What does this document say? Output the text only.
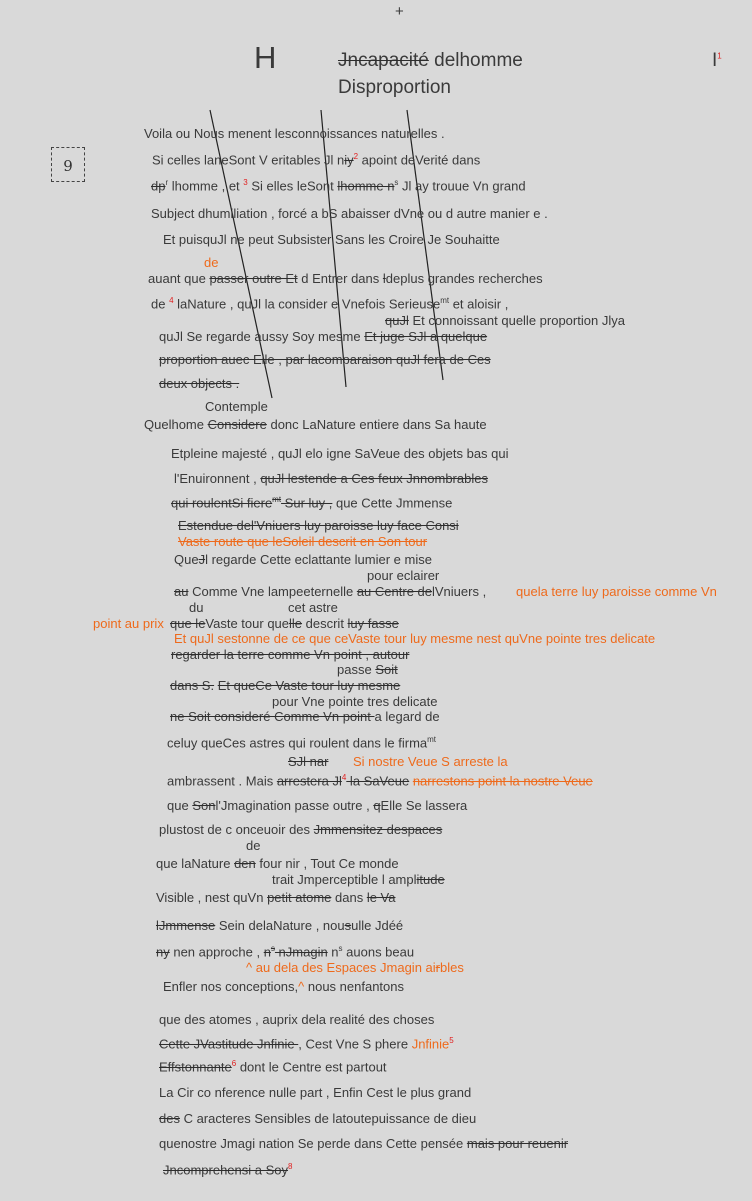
+
H	Jncapacité delhomme
Disproportion
$I^1$
9
Voila ou Nous menent lesconnoissances naturelles .
Si celles laneSont V eritables Jl niy$^2$ apoint deVerité dans
$dp^r$ lhomme , et $^3$ Si elles leSont lhomme $n^s$ Jl ay trouue Vn grand
Subject dhumiliation , forcé a bS abaisser dVne ou d autre manier e .
Et puisquJl ne peut Subsister Sans les Croire Je Souhaitte
de
auant que passer outre Et d Entrer dans ldeplus grandes recherches
de $^4$ laNature , quJl la consider e Vnefois Serieuse$^{mt}$ et aloisir ,
quJl Et connoissant quelle proportion Jlya
quJl Se regarde aussy Soy mesme Et juge SJl a quelque
proportion auec Elle , par lacomparaison quJl fera de Ces
deux objects .
Contemple
Quelhome Considere donc LaNature entiere dans Sa haute
Etpleine majesté , quJl elo igne SaVeue des objets bas qui
l'Enuironnent , quJl lestende a Ces feux Jnnombrables
qui roulentSi fiere$^{mt}$ Sur luy , que Cette Jmmense
Estendue del'Vniuers luy paroisse luy face Consi
Vaste route que leSoleil descrit en Son tour
QueJl regarde Cette eclattante lumier e mise
pour eclairer
au Comme Vne lampeeternelle au Centre delVniuers , quela terre luy paroisse comme Vn
du	cet astre
point au prix que leVaste tour quelle descrit luy fasse
Et quJl sestonne de ce que ceVaste tour luy mesme nest quVne pointe tres delicate
regarder la terre comme Vn point , autour
passe Soit
dans S. Et queCe Vaste tour luy mesme
pour Vne pointe tres delicate
ne Soit consideré Comme Vn point a legard de
celuy queCes astres qui roulent dans le firma$^{mt}$
SJl nar Si nostre Veue S arreste la
ambrassent . Mais arrestera Jl$^4$ la SaVeue narrestons point la nostre Veue
que Sonl'Jmagination passe outre , qElle Se lassera
plustost de c onceuoir des Jmmensitez despaces
de
que laNature den four nir , Tout Ce monde
trait Jmperceptible l amplitude
Visible , nest quVn petit atome dans le Va
lJmmense Sein delaNature , nousulle Jdéé
ny nen approche , $n^s$ nJmagin $n^s$ auons beau
^ au dela des Espaces Jmagin airbles
Enfler nos conceptions,^ nous nenfantons
que des atomes , auprix dela realité des choses
Cette JVastitude Jnfinie , Cest Vne S phere Jnfinie$^5$
Effstonnante$^6$ dont le Centre est partout
La Cir co nference nulle part , Enfin Cest le plus grand
des C aracteres Sensibles de latoutepuissance de dieu
quenostre Jmagi nation Se perde dans Cette pensée mais pour reuenir
Jncomprehensi a Soy$^8$
